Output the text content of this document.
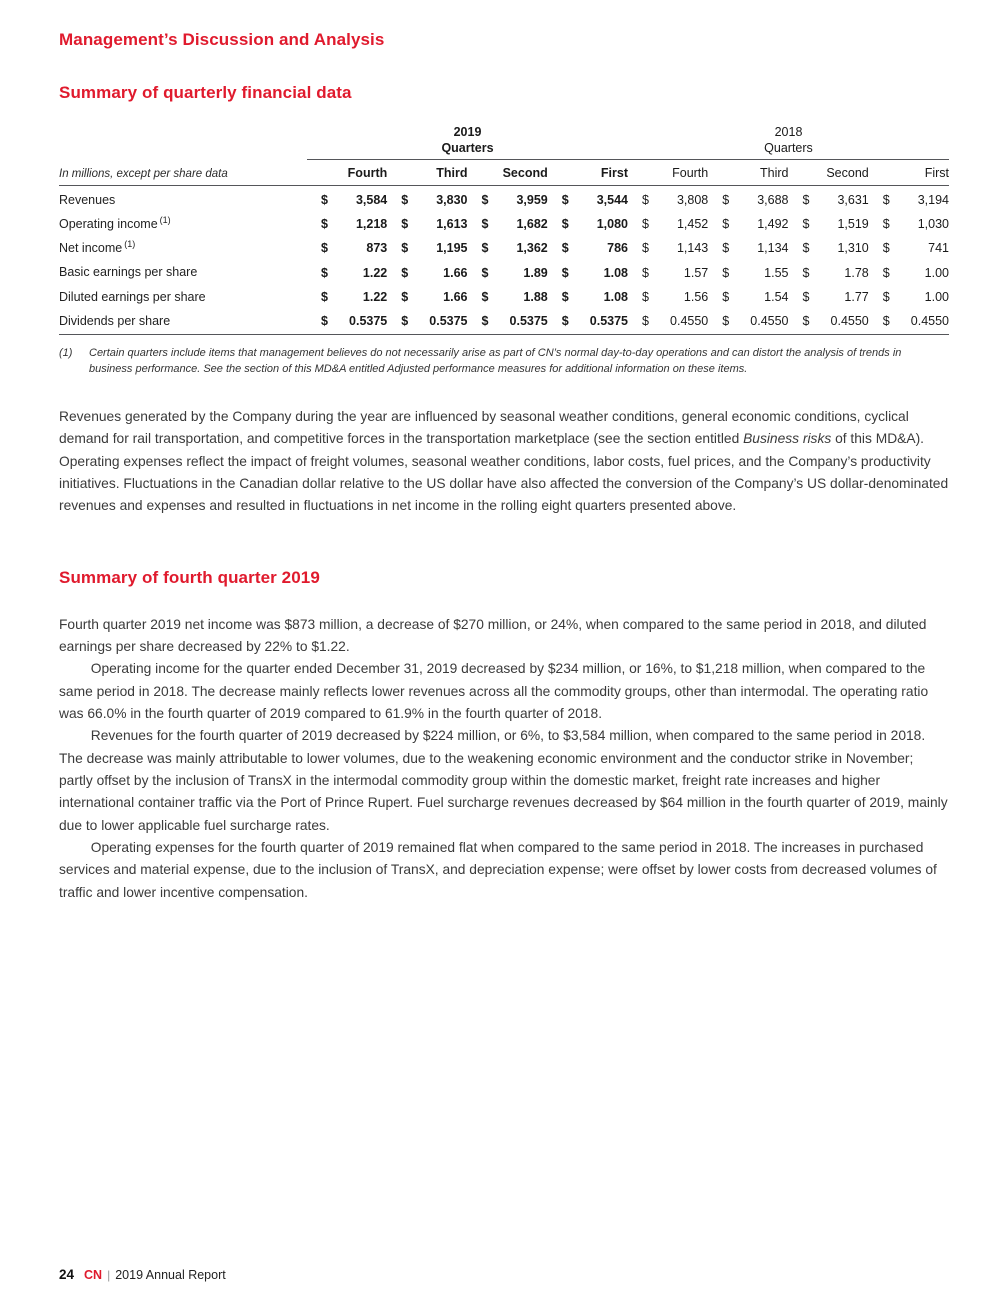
Management’s Discussion and Analysis
Summary of quarterly financial data
	2019				2018			
	Quarters				Quarters			
In millions, except per share data	Fourth	Third	Second	First	Fourth	Third	Second	First
Revenues	$ 3,584	$ 3,830	$ 3,959	$ 3,544	$ 3,808	$ 3,688	$ 3,631	$ 3,194

Operating income $^{(1)}$	$ 1,218	$ 1,613	$ 1,682	$ 1,080	$ 1,452	$ 1,492	$ 1,519	$ 1,030

Net income $^{(1)}$	$ 873	$ 1,195	$ 1,362	$ 786	$ 1,143	$ 1,134	$ 1,310	$ 741

Basic earnings per share	$ 1.22	$ 1.66	$ 1.89	$ 1.08	$ 1.57	$ 1.55	$ 1.78	$ 1.00

Diluted earnings per share	$ 1.22	$ 1.66	$ 1.88	$ 1.08	$ 1.56	$ 1.54	$ 1.77	$ 1.00

Dividends per share	$ 0.5375	$ 0.5375	$ 0.5375	$ 0.5375	$ 0.4550	$ 0.4550	$ 0.4550	$ 0.4550
(1)	Certain quarters include items that management believes do not necessarily arise as part of CN’s normal day-to-day operations and can distort the analysis of trends in business performance. See the section of this MD&A entitled Adjusted performance measures for additional information on these items.

Revenues generated by the Company during the year are influenced by seasonal weather conditions, general economic conditions, cyclical demand for rail transportation, and competitive forces in the transportation marketplace (see the section entitled Business risks of this MD&A). Operating expenses reflect the impact of freight volumes, seasonal weather conditions, labor costs, fuel prices, and the Company’s productivity initiatives. Fluctuations in the Canadian dollar relative to the US dollar have also affected the conversion of the Company’s US dollar-denominated revenues and expenses and resulted in fluctuations in net income in the rolling eight quarters presented above.

Summary of fourth quarter 2019

Fourth quarter 2019 net income was $873 million, a decrease of $270 million, or 24%, when compared to the same period in 2018, and diluted earnings per share decreased by 22% to $1.22.

Operating income for the quarter ended December 31, 2019 decreased by $234 million, or 16%, to $1,218 million, when compared to the same period in 2018. The decrease mainly reflects lower revenues across all the commodity groups, other than intermodal. The operating ratio was 66.0% in the fourth quarter of 2019 compared to 61.9% in the fourth quarter of 2018.

Revenues for the fourth quarter of 2019 decreased by $224 million, or 6%, to $3,584 million, when compared to the same period in 2018. The decrease was mainly attributable to lower volumes, due to the weakening economic environment and the conductor strike in November; partly offset by the inclusion of TransX in the intermodal commodity group within the domestic market, freight rate increases and higher international container traffic via the Port of Prince Rupert. Fuel surcharge revenues decreased by $64 million in the fourth quarter of 2019, mainly due to lower applicable fuel surcharge rates.

Operating expenses for the fourth quarter of 2019 remained flat when compared to the same period in 2018. The increases in purchased services and material expense, due to the inclusion of TransX, and depreciation expense; were offset by lower costs from decreased volumes of traffic and lower incentive compensation.

24 CN | 2019 Annual Report
